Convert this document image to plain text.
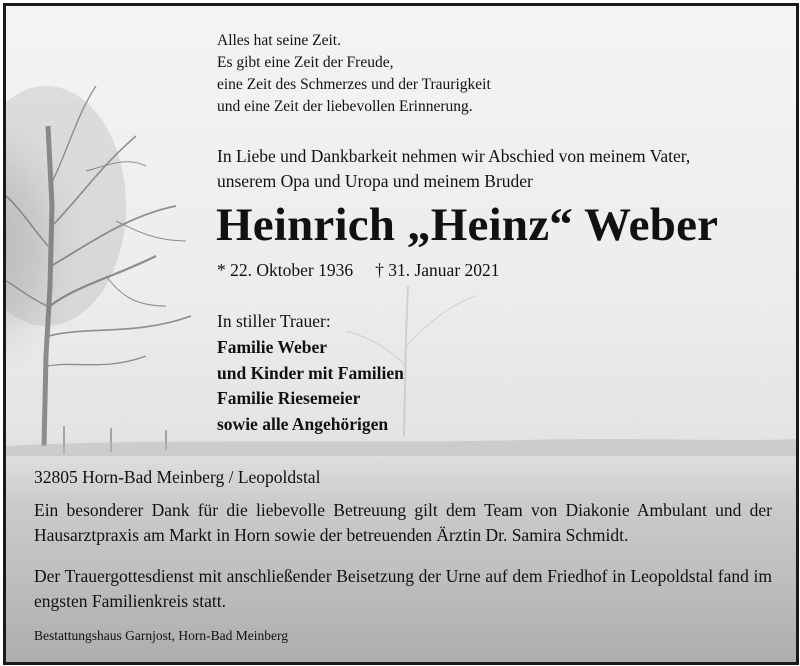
Alles hat seine Zeit.
Es gibt eine Zeit der Freude,
eine Zeit des Schmerzes und der Traurigkeit
und eine Zeit der liebevollen Erinnerung.
In Liebe und Dankbarkeit nehmen wir Abschied von meinem Vater,
unserem Opa und Uropa und meinem Bruder
Heinrich „Heinz“ Weber
* 22. Oktober 1936 † 31. Januar 2021
In stiller Trauer:
Familie Weber
und Kinder mit Familien
Familie Riesemeier
sowie alle Angehörigen
32805 Horn-Bad Meinberg / Leopoldstal
Ein besonderer Dank für die liebevolle Betreuung gilt dem Team von Diakonie Ambulant und der Hausarztpraxis am Markt in Horn sowie der betreuenden Ärztin Dr. Samira Schmidt.
Der Trauergottesdienst mit anschließender Beisetzung der Urne auf dem Friedhof in Leopoldstal fand im engsten Familienkreis statt.
Bestattungshaus Garnjost, Horn-Bad Meinberg
